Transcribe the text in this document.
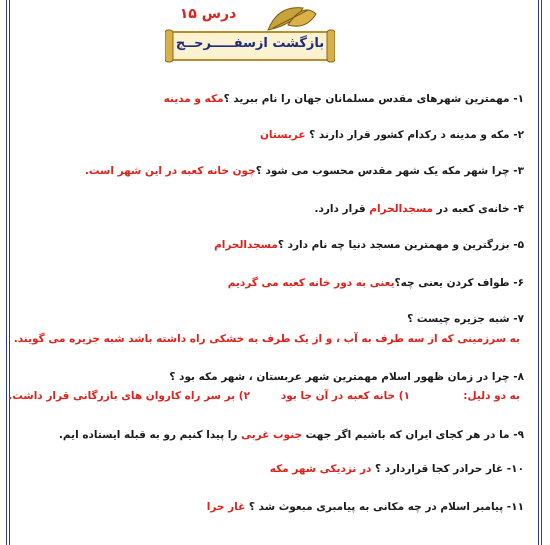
درس ۱۵
بازگشت ازسفـــــرحــج
۱- مهمترین شهرهای مقدس مسلمانان جهان را نام ببرید ؟مکه و مدینه
۲- مکه و مدینه د رکدام کشور قرار دارند ؟ عربستان
۳- چرا شهر مکه یک شهر مقدس محسوب می شود ؟چون خانه کعبه در این شهر است.
۴- خانه‌ی کعبه در مسجدالحرام قرار دارد.
۵- بزرگترین و مهمترین مسجد دنیا چه نام دارد ؟مسجدالحرام
۶- طواف کردن یعنی چه؟یعنی به دور خانه کعبه می گردیم
۷- شبه جزیره چیست ؟
به سرزمینی که از سه طرف به آب ، و از یک طرف به خشکی راه داشته باشد شبه جزیره می گویند.
۸- چرا در زمان ظهور اسلام مهمترین شهر عربستان ، شهر مکه بود ؟
به دو دلیل:
۱) خانه کعبه در آن جا بود
۲) بر سر راه کاروان های بازرگانی قرار داشت.
۹- ما در هر کجای ایران که باشیم اگر جهت جنوب غربی را پیدا کنیم رو به قبله ایستاده ایم.
۱۰- غار حرادر کجا قراردارد ؟ در نزدیکی شهر مکه
۱۱- پیامبر اسلام در چه مکانی به پیامبری مبعوث شد ؟ غار حرا
